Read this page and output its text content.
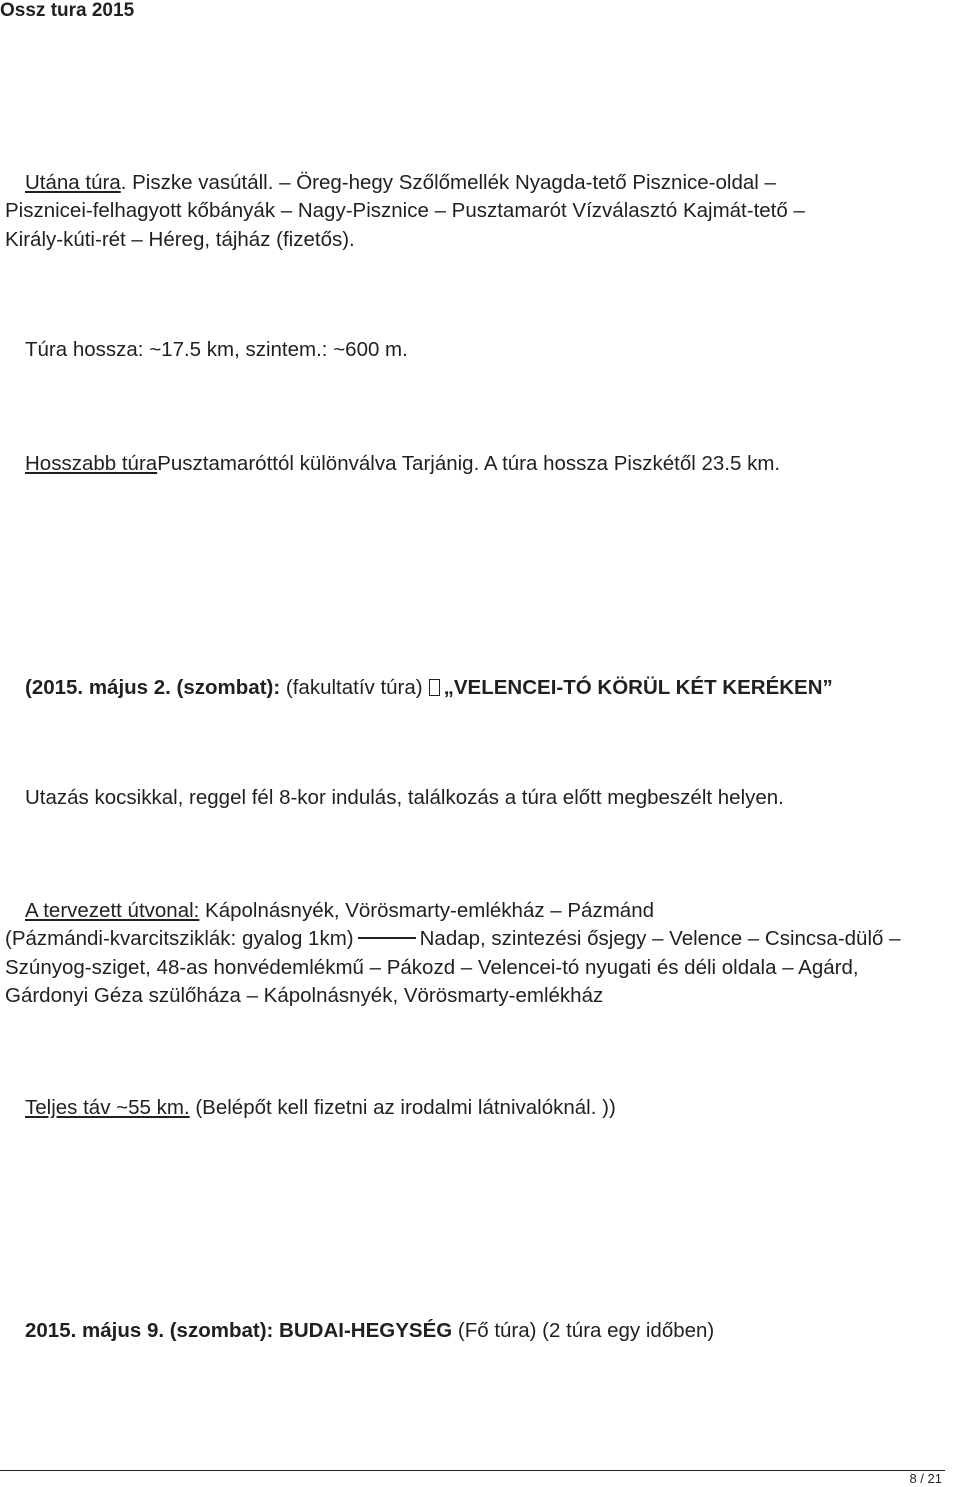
Ossz tura 2015

Utána túra. Piszke vasútáll. – Öreg-hegy Szőlőmellék Nyagda-tető Pisznice-oldal –

Pisznicei-felhagyott kőbányák – Nagy-Pisznice – Pusztamarót Vízválasztó Kajmát-tető –

Király-kúti-rét – Héreg, tájház (fizetős).

Túra hossza: ~17.5 km, szintem.: ~600 m.

Hosszabb túraPusztamaróttól különválva Tarjánig. A túra hossza Piszkétől 23.5 km.

(2015. május 2. (szombat): (fakultatív túra) „VELENCEI-TÓ KÖRÜL KÉT KERÉKEN”

Utazás kocsikkal, reggel fél 8-kor indulás, találkozás a túra előtt megbeszélt helyen.

A tervezett útvonal: Kápolnásnyék, Vörösmarty-emlékház – Pázmánd

(Pázmándi-kvarcitsziklák: gyalog 1km)	Nadap, szintezési ősjegy – Velence – Csincsa-dülő –

Szúnyog-sziget, 48-as honvédemlékmű – Pákozd – Velencei-tó nyugati és déli oldala – Agárd,

Gárdonyi Géza szülőháza – Kápolnásnyék, Vörösmarty-emlékház

Teljes táv ~55 km. (Belépőt kell fizetni az irodalmi látnivalóknál. ))

2015. május 9. (szombat): BUDAI-HEGYSÉG (Fő túra) (2 túra egy időben)

8 / 21
